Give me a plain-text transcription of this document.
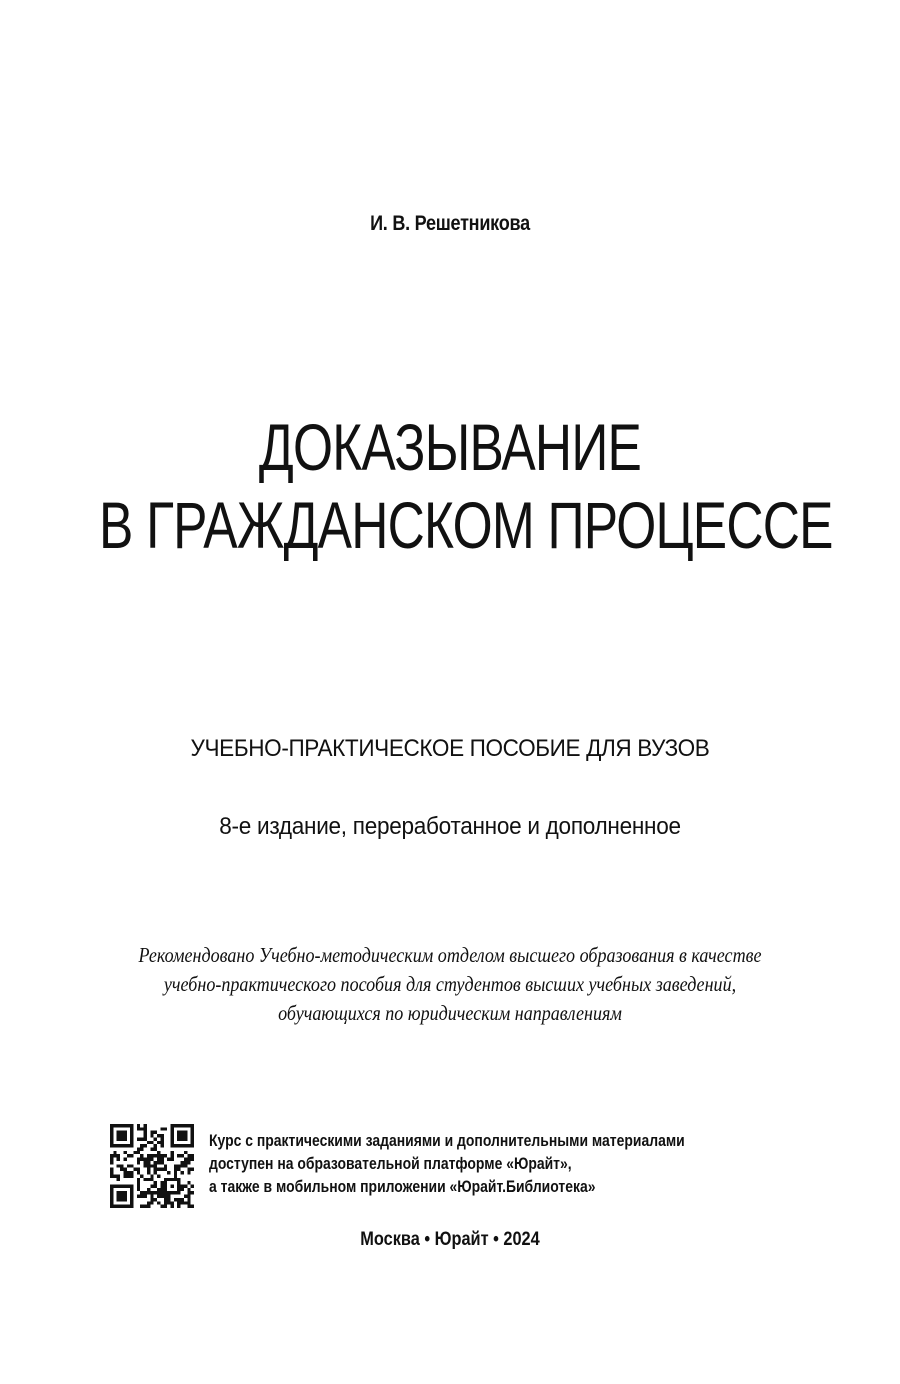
И. В. Решетникова
ДОКАЗЫВАНИЕ
В ГРАЖДАНСКОМ ПРОЦЕССЕ
УЧЕБНО-ПРАКТИЧЕСКОЕ ПОСОБИЕ ДЛЯ ВУЗОВ
8-е издание, переработанное и дополненное
Рекомендовано Учебно-методическим отделом высшего образования в качестве
учебно-практического пособия для студентов высших учебных заведений,
обучающихся по юридическим направлениям
Курс с практическими заданиями и дополнительными материалами
доступен на образовательной платформе «Юрайт»,
а также в мобильном приложении «Юрайт.Библиотека»
Москва • Юрайт • 2024
